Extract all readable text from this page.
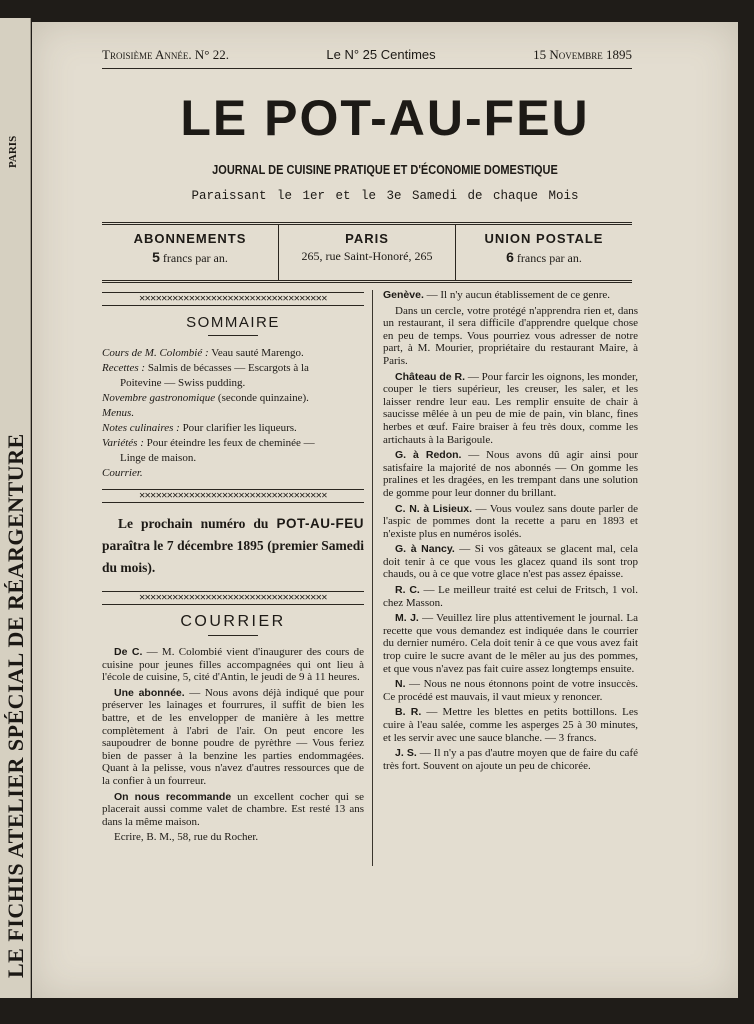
LE FICHIS ATELIER SPÉCIAL DE RÉARGENTURE
PARIS
Troisième Année. N° 22.	Le N° 25 Centimes	15 Novembre 1895
LE POT-AU-FEU
JOURNAL DE CUISINE PRATIQUE ET D'ÉCONOMIE DOMESTIQUE
Paraissant le 1er et le 3e Samedi de chaque Mois
ABONNEMENTS
5 francs par an.
PARIS
265, rue Saint-Honoré, 265
UNION POSTALE
6 francs par an.
✕✕✕✕✕✕✕✕✕✕✕✕✕✕✕✕✕✕✕✕✕✕✕✕✕✕✕✕✕✕✕✕✕✕
SOMMAIRE

Cours de M. Colombié : Veau sauté Marengo.

Recettes : Salmis de bécasses — Escargots à la

Poitevine — Swiss pudding.

Novembre gastronomique (seconde quinzaine).

Menus.

Notes culinaires : Pour clarifier les liqueurs.

Variétés : Pour éteindre les feux de cheminée —

Linge de maison.

Courrier.

✕✕✕✕✕✕✕✕✕✕✕✕✕✕✕✕✕✕✕✕✕✕✕✕✕✕✕✕✕✕✕✕✕✕
Le prochain numéro du POT-AU-FEU paraîtra le 7 décembre 1895 (premier Samedi du mois).
✕✕✕✕✕✕✕✕✕✕✕✕✕✕✕✕✕✕✕✕✕✕✕✕✕✕✕✕✕✕✕✕✕✕
COURRIER

De C. — M. Colombié vient d'inaugurer des cours de cuisine pour jeunes filles accompagnées qui ont lieu à l'école de cuisine, 5, cité d'Antin, le jeudi de 9 à 11 heures.

Une abonnée. — Nous avons déjà indiqué que pour préserver les lainages et fourrures, il suffit de bien les battre, et de les envelopper de manière à les mettre complètement à l'abri de l'air. On peut encore les saupoudrer de bonne poudre de pyrèthre — Vous feriez bien de passer à la benzine les parties endommagées. Quant à la pelisse, vous n'avez d'autres ressources que de la confier à un fourreur.

On nous recommande un excellent cocher qui se placerait aussi comme valet de chambre. Est resté 13 ans dans la même maison.

Ecrire, B. M., 58, rue du Rocher.

Genève. — Il n'y aucun établissement de ce genre.

Dans un cercle, votre protégé n'apprendra rien et, dans un restaurant, il sera difficile d'apprendre quelque chose en peu de temps. Vous pourriez vous adresser de notre part, à M. Mourier, propriétaire du restaurant Maire, à Paris.

Château de R. — Pour farcir les oignons, les monder, couper le tiers supérieur, les creuser, les saler, et les laisser rendre leur eau. Les remplir ensuite de chair à saucisse mêlée à un peu de mie de pain, vin blanc, fines herbes et œuf. Faire braiser à feu très doux, comme les artichauts à la Barigoule.

G. à Redon. — Nous avons dû agir ainsi pour satisfaire la majorité de nos abonnés — On gomme les pralines et les dragées, en les trempant dans une solution de gomme pour leur donner du brillant.

C. N. à Lisieux. — Vous voulez sans doute parler de l'aspic de pommes dont la recette a paru en 1893 et n'existe plus en numéros isolés.

G. à Nancy. — Si vos gâteaux se glacent mal, cela doit tenir à ce que vous les glacez quand ils sont trop chauds, ou à ce que votre glace n'est pas assez épaisse.

R. C. — Le meilleur traité est celui de Fritsch, 1 vol. chez Masson.

M. J. — Veuillez lire plus attentivement le journal. La recette que vous demandez est indiquée dans le courrier du dernier numéro. Cela doit tenir à ce que vous avez fait trop cuire le sucre avant de le mêler au jus des pommes, et que vous n'avez pas fait cuire assez longtemps ensuite.

N. — Nous ne nous étonnons point de votre insuccès. Ce procédé est mauvais, il vaut mieux y renoncer.

B. R. — Mettre les blettes en petits bottillons. Les cuire à l'eau salée, comme les asperges 25 à 30 minutes, et les servir avec une sauce blanche. — 3 francs.

J. S. — Il n'y a pas d'autre moyen que de faire du café très fort. Souvent on ajoute un peu de chicorée.
